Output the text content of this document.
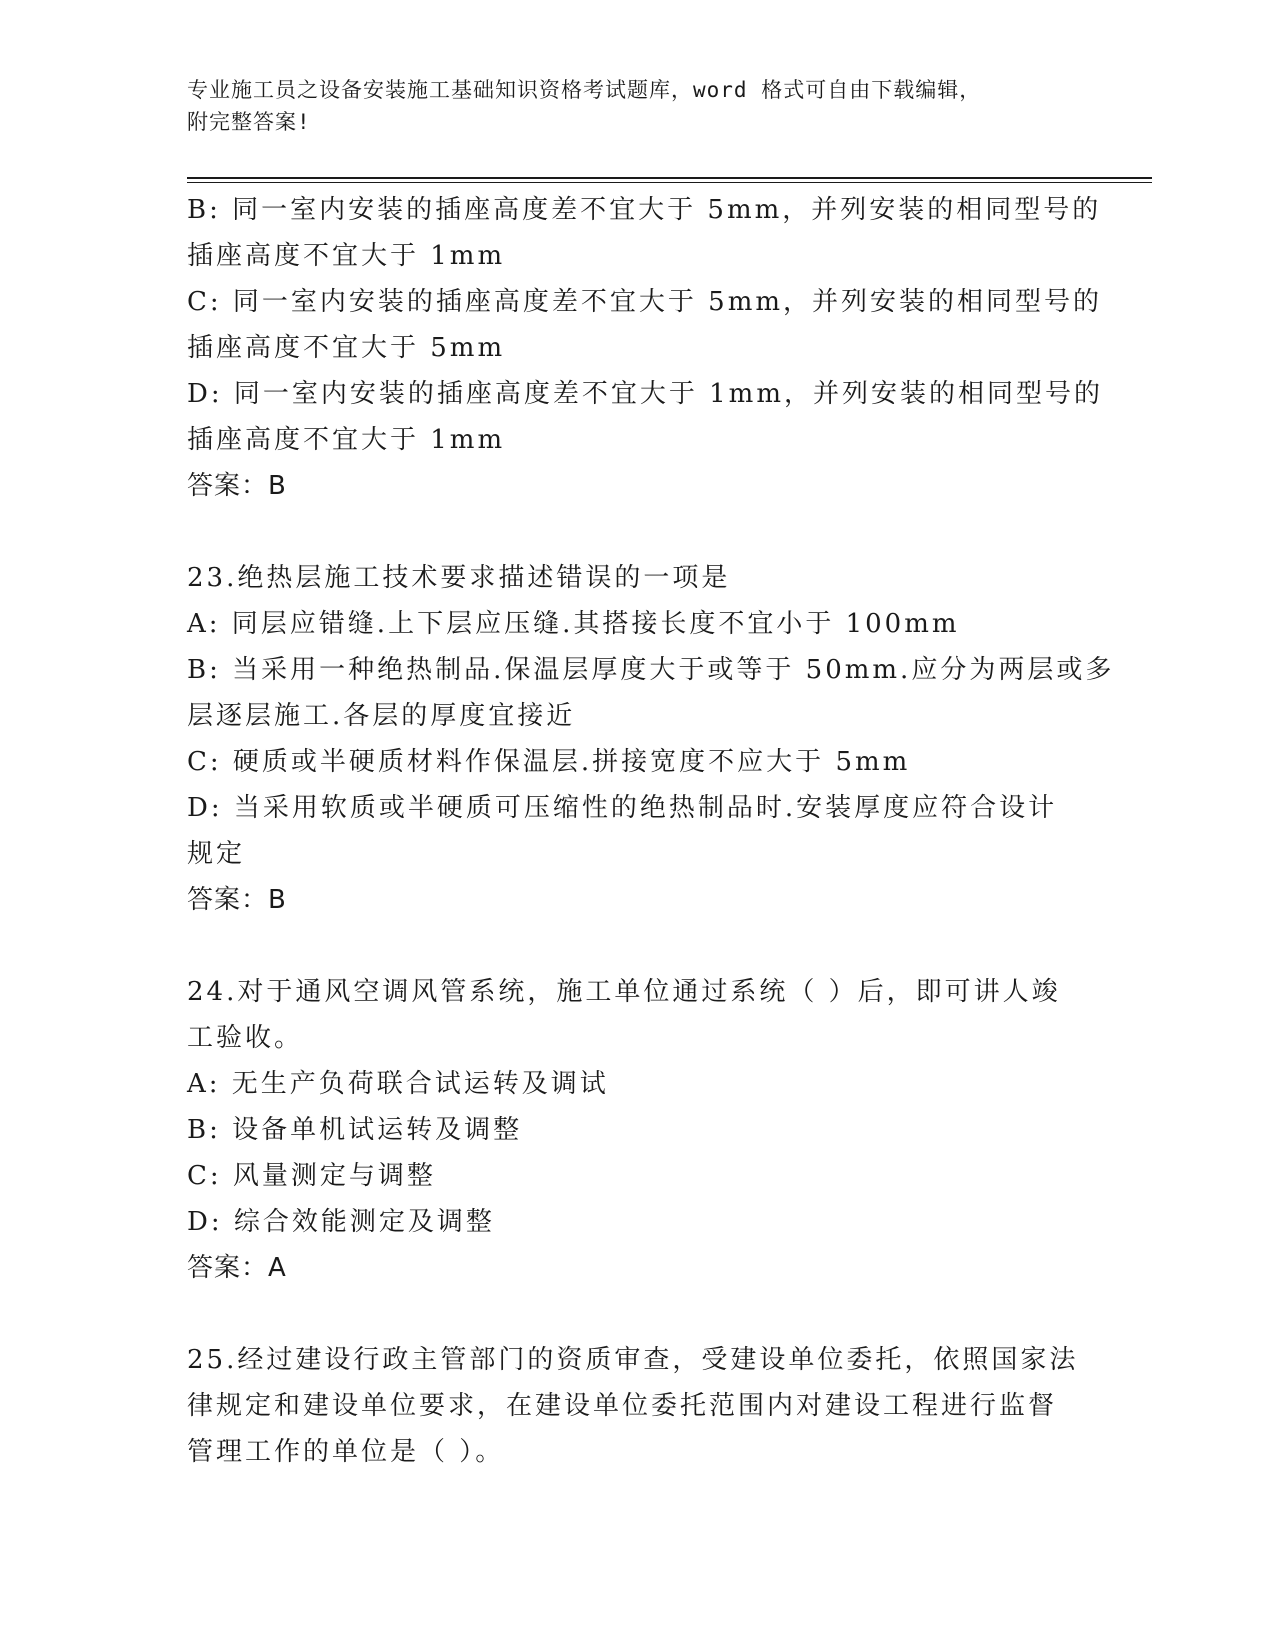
专业施工员之设备安装施工基础知识资格考试题库，word 格式可自由下载编辑，
附完整答案!
B: 同一室内安装的插座高度差不宜大于 5mm，并列安装的相同型号的
插座高度不宜大于 1mm
C: 同一室内安装的插座高度差不宜大于 5mm，并列安装的相同型号的
插座高度不宜大于 5mm
D: 同一室内安装的插座高度差不宜大于 1mm，并列安装的相同型号的
插座高度不宜大于 1mm
答案：B
23.绝热层施工技术要求描述错误的一项是
A: 同层应错缝.上下层应压缝.其搭接长度不宜小于 100mm
B: 当采用一种绝热制品.保温层厚度大于或等于 50mm.应分为两层或多
层逐层施工.各层的厚度宜接近
C: 硬质或半硬质材料作保温层.拼接宽度不应大于 5mm
D: 当采用软质或半硬质可压缩性的绝热制品时.安装厚度应符合设计
规定
答案：B
24.对于通风空调风管系统，施工单位通过系统（ ）后，即可讲人竣
工验收。
A: 无生产负荷联合试运转及调试
B: 设备单机试运转及调整
C: 风量测定与调整
D: 综合效能测定及调整
答案：A
25.经过建设行政主管部门的资质审查，受建设单位委托，依照国家法
律规定和建设单位要求，在建设单位委托范围内对建设工程进行监督
管理工作的单位是（ ）。
